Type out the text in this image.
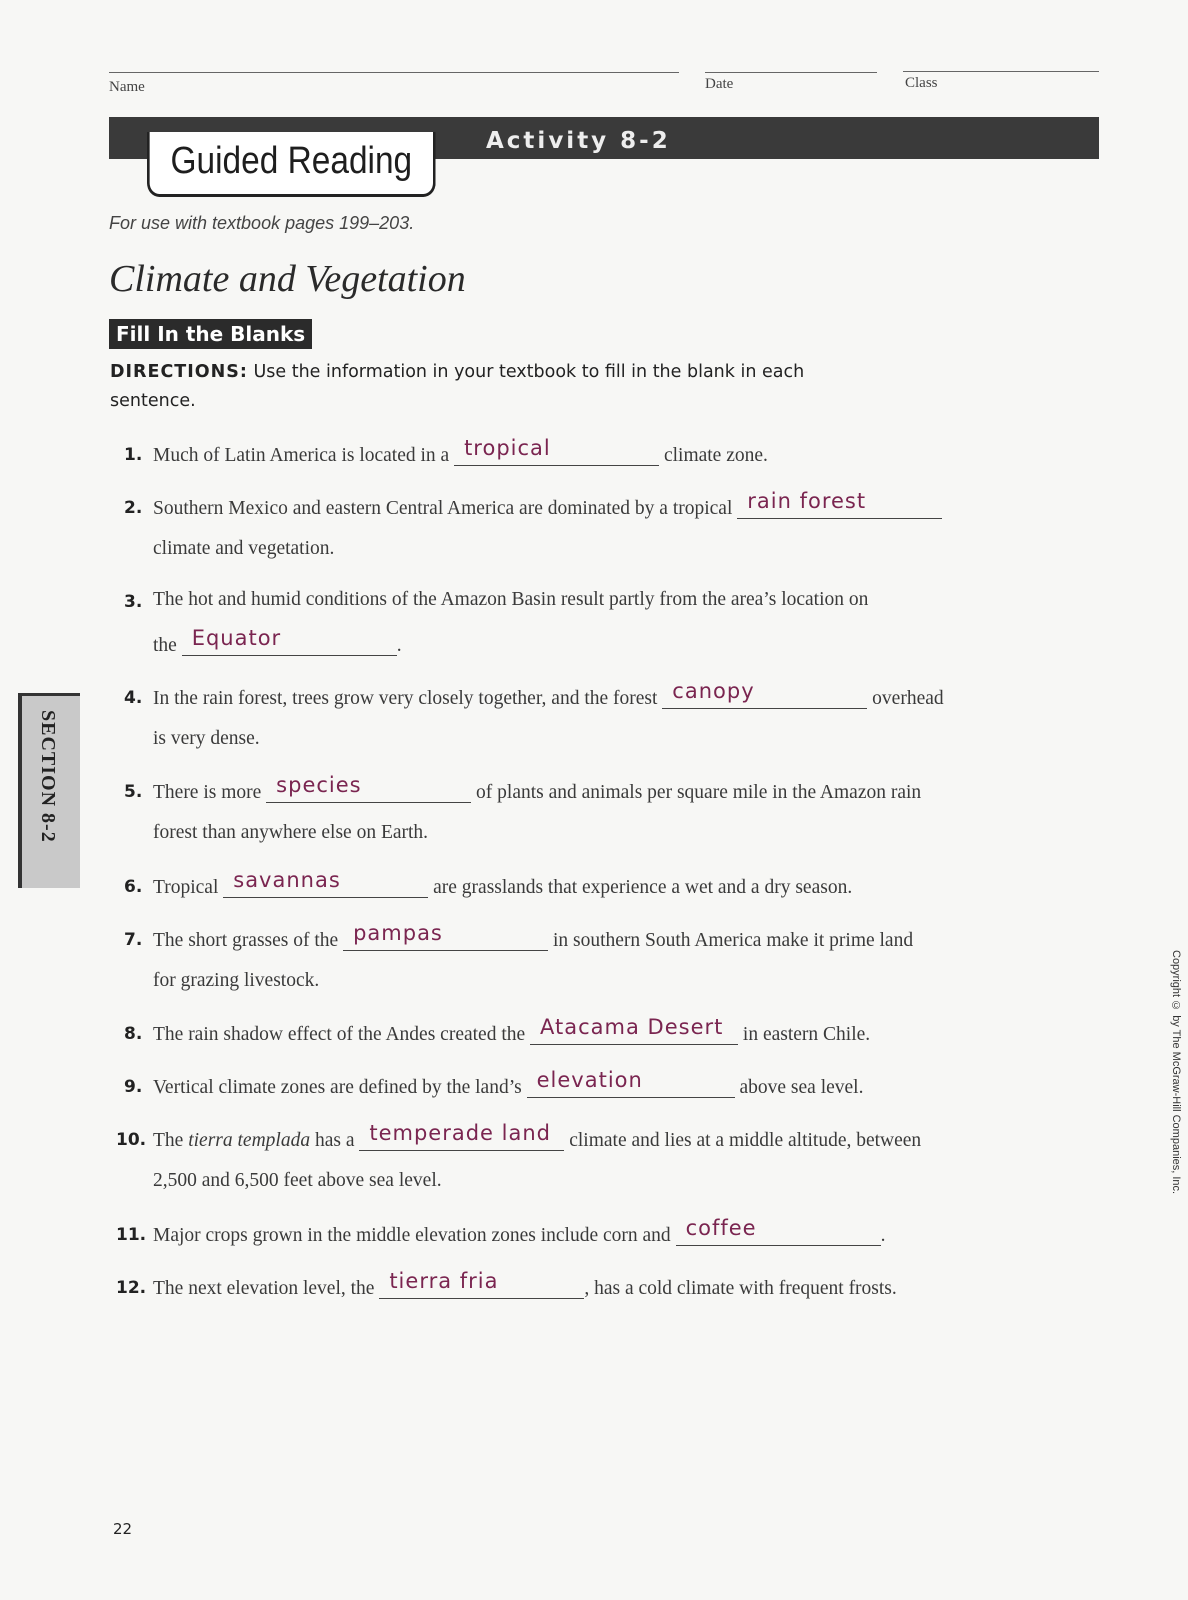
Name	Date	Class
Guided Reading	Activity 8-2
For use with textbook pages 199–203.
Climate and Vegetation
Fill In the Blanks
DIRECTIONS: Use the information in your textbook to fill in the blank in each sentence.
1. Much of Latin America is located in a tropical	climate zone.
2. Southern Mexico and eastern Central America are dominated by a tropical rain forest
climate and vegetation.
3. The hot and humid conditions of the Amazon Basin result partly from the area’s location on
the Equator	.
4. In the rain forest, trees grow very closely together, and the forest canopy	overhead
is very dense.
5. There is more species	of plants and animals per square mile in the Amazon rain
forest than anywhere else on Earth.
6. Tropical savannas	are grasslands that experience a wet and a dry season.
7. The short grasses of the pampas	in southern South America make it prime land
for grazing livestock.
8. The rain shadow effect of the Andes created the Atacama Desert in eastern Chile.
9. Vertical climate zones are defined by the land’s elevation	above sea level.
10. The tierra templada has a temperade land climate and lies at a middle altitude, between
2,500 and 6,500 feet above sea level.
11. Major crops grown in the middle elevation zones include corn and coffee	.
12. The next elevation level, the tierra fria	, has a cold climate with frequent frosts.
SECTION 8-2
Copyright © by The McGraw-Hill Companies, Inc.
22
